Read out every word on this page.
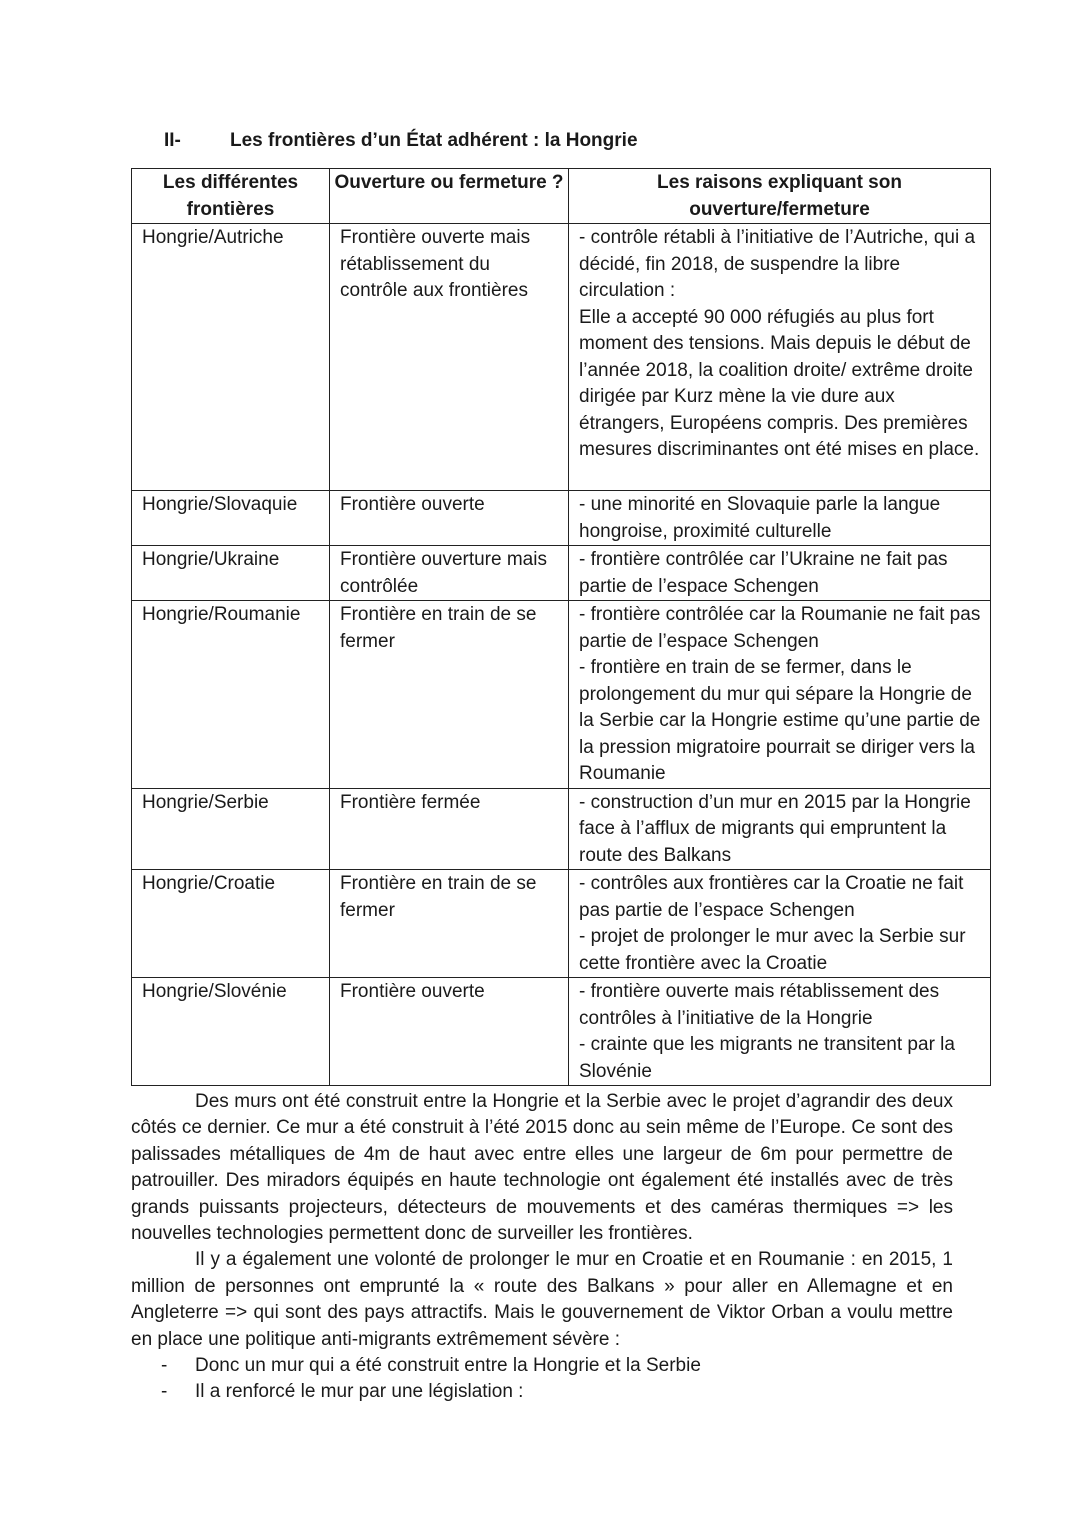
II-	Les frontières d’un État adhérent : la Hongrie
Les différentes frontières	Ouverture ou fermeture ?	Les raisons expliquant son ouverture/fermeture
Hongrie/Autriche	Frontière ouverte mais rétablissement du contrôle aux frontières	- contrôle rétabli à l’initiative de l’Autriche, qui a décidé, fin 2018, de suspendre la libre circulation :

Elle a accepté 90 000 réfugiés au plus fort moment des tensions. Mais depuis le début de l’année 2018, la coalition droite/ extrême droite dirigée par Kurz mène la vie dure aux étrangers, Européens compris. Des premières mesures discriminantes ont été mises en place.

Hongrie/Slovaquie	Frontière ouverte	- une minorité en Slovaquie parle la langue hongroise, proximité culturelle

Hongrie/Ukraine	Frontière ouverture mais contrôlée	- frontière contrôlée car l’Ukraine ne fait pas partie de l’espace Schengen

Hongrie/Roumanie	Frontière en train de se fermer	- frontière contrôlée car la Roumanie ne fait pas partie de l’espace Schengen

- frontière en train de se fermer, dans le prolongement du mur qui sépare la Hongrie de la Serbie car la Hongrie estime qu’une partie de la pression migratoire pourrait se diriger vers la Roumanie

Hongrie/Serbie	Frontière fermée	- construction d’un mur en 2015 par la Hongrie face à l’afflux de migrants qui empruntent la route des Balkans

Hongrie/Croatie	Frontière en train de se fermer	- contrôles aux frontières car la Croatie ne fait pas partie de l’espace Schengen

- projet de prolonger le mur avec la Serbie sur cette frontière avec la Croatie

Hongrie/Slovénie	Frontière ouverte	- frontière ouverte mais rétablissement des contrôles à l’initiative de la Hongrie

- crainte que les migrants ne transitent par la Slovénie

Des murs ont été construit entre la Hongrie et la Serbie avec le projet d’agrandir des deux côtés ce dernier. Ce mur a été construit à l’été 2015 donc au sein même de l’Europe. Ce sont des palissades métalliques de 4m de haut avec entre elles une largeur de 6m pour permettre de patrouiller. Des miradors équipés en haute technologie ont également été installés avec de très grands puissants projecteurs, détecteurs de mouvements et des caméras thermiques => les nouvelles technologies permettent donc de surveiller les frontières.

Il y a également une volonté de prolonger le mur en Croatie et en Roumanie : en 2015, 1 million de personnes ont emprunté la « route des Balkans » pour aller en Allemagne et en Angleterre => qui sont des pays attractifs. Mais le gouvernement de Viktor Orban a voulu mettre en place une politique anti-migrants extrêmement sévère :

- Donc un mur qui a été construit entre la Hongrie et la Serbie
- Il a renforcé le mur par une législation :
